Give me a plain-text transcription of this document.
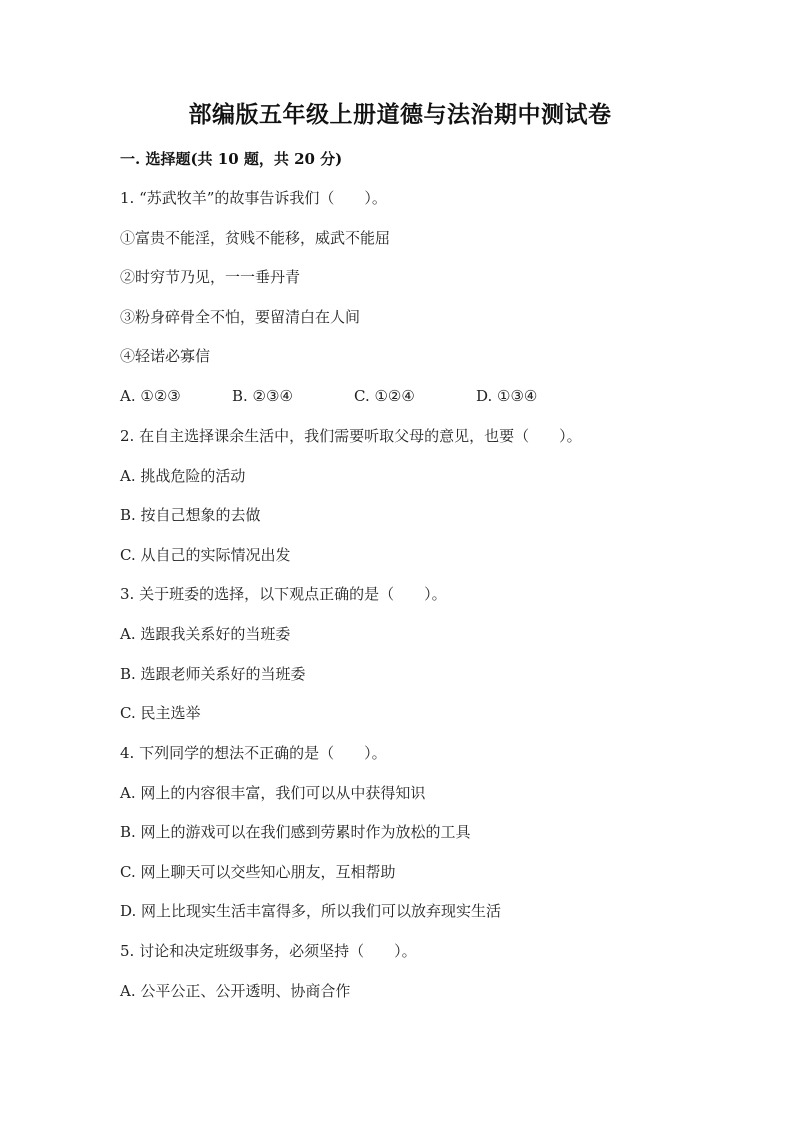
部编版五年级上册道德与法治期中测试卷

一. 选择题(共 10 题，共 20 分)

1. “苏武牧羊”的故事告诉我们（　　）。

①富贵不能淫，贫贱不能移，威武不能屈

②时穷节乃见，一一垂丹青

③粉身碎骨全不怕，要留清白在人间

④轻诺必寡信

A. ①②③	B. ②③④	C. ①②④	D. ①③④

2. 在自主选择课余生活中，我们需要听取父母的意见，也要（　　）。

A. 挑战危险的活动

B. 按自己想象的去做

C. 从自己的实际情况出发

3. 关于班委的选择，以下观点正确的是（　　）。

A. 选跟我关系好的当班委

B. 选跟老师关系好的当班委

C. 民主选举

4. 下列同学的想法不正确的是（　　）。

A. 网上的内容很丰富，我们可以从中获得知识

B. 网上的游戏可以在我们感到劳累时作为放松的工具

C. 网上聊天可以交些知心朋友，互相帮助

D. 网上比现实生活丰富得多，所以我们可以放弃现实生活

5. 讨论和决定班级事务，必须坚持（　　）。

A. 公平公正、公开透明、协商合作
